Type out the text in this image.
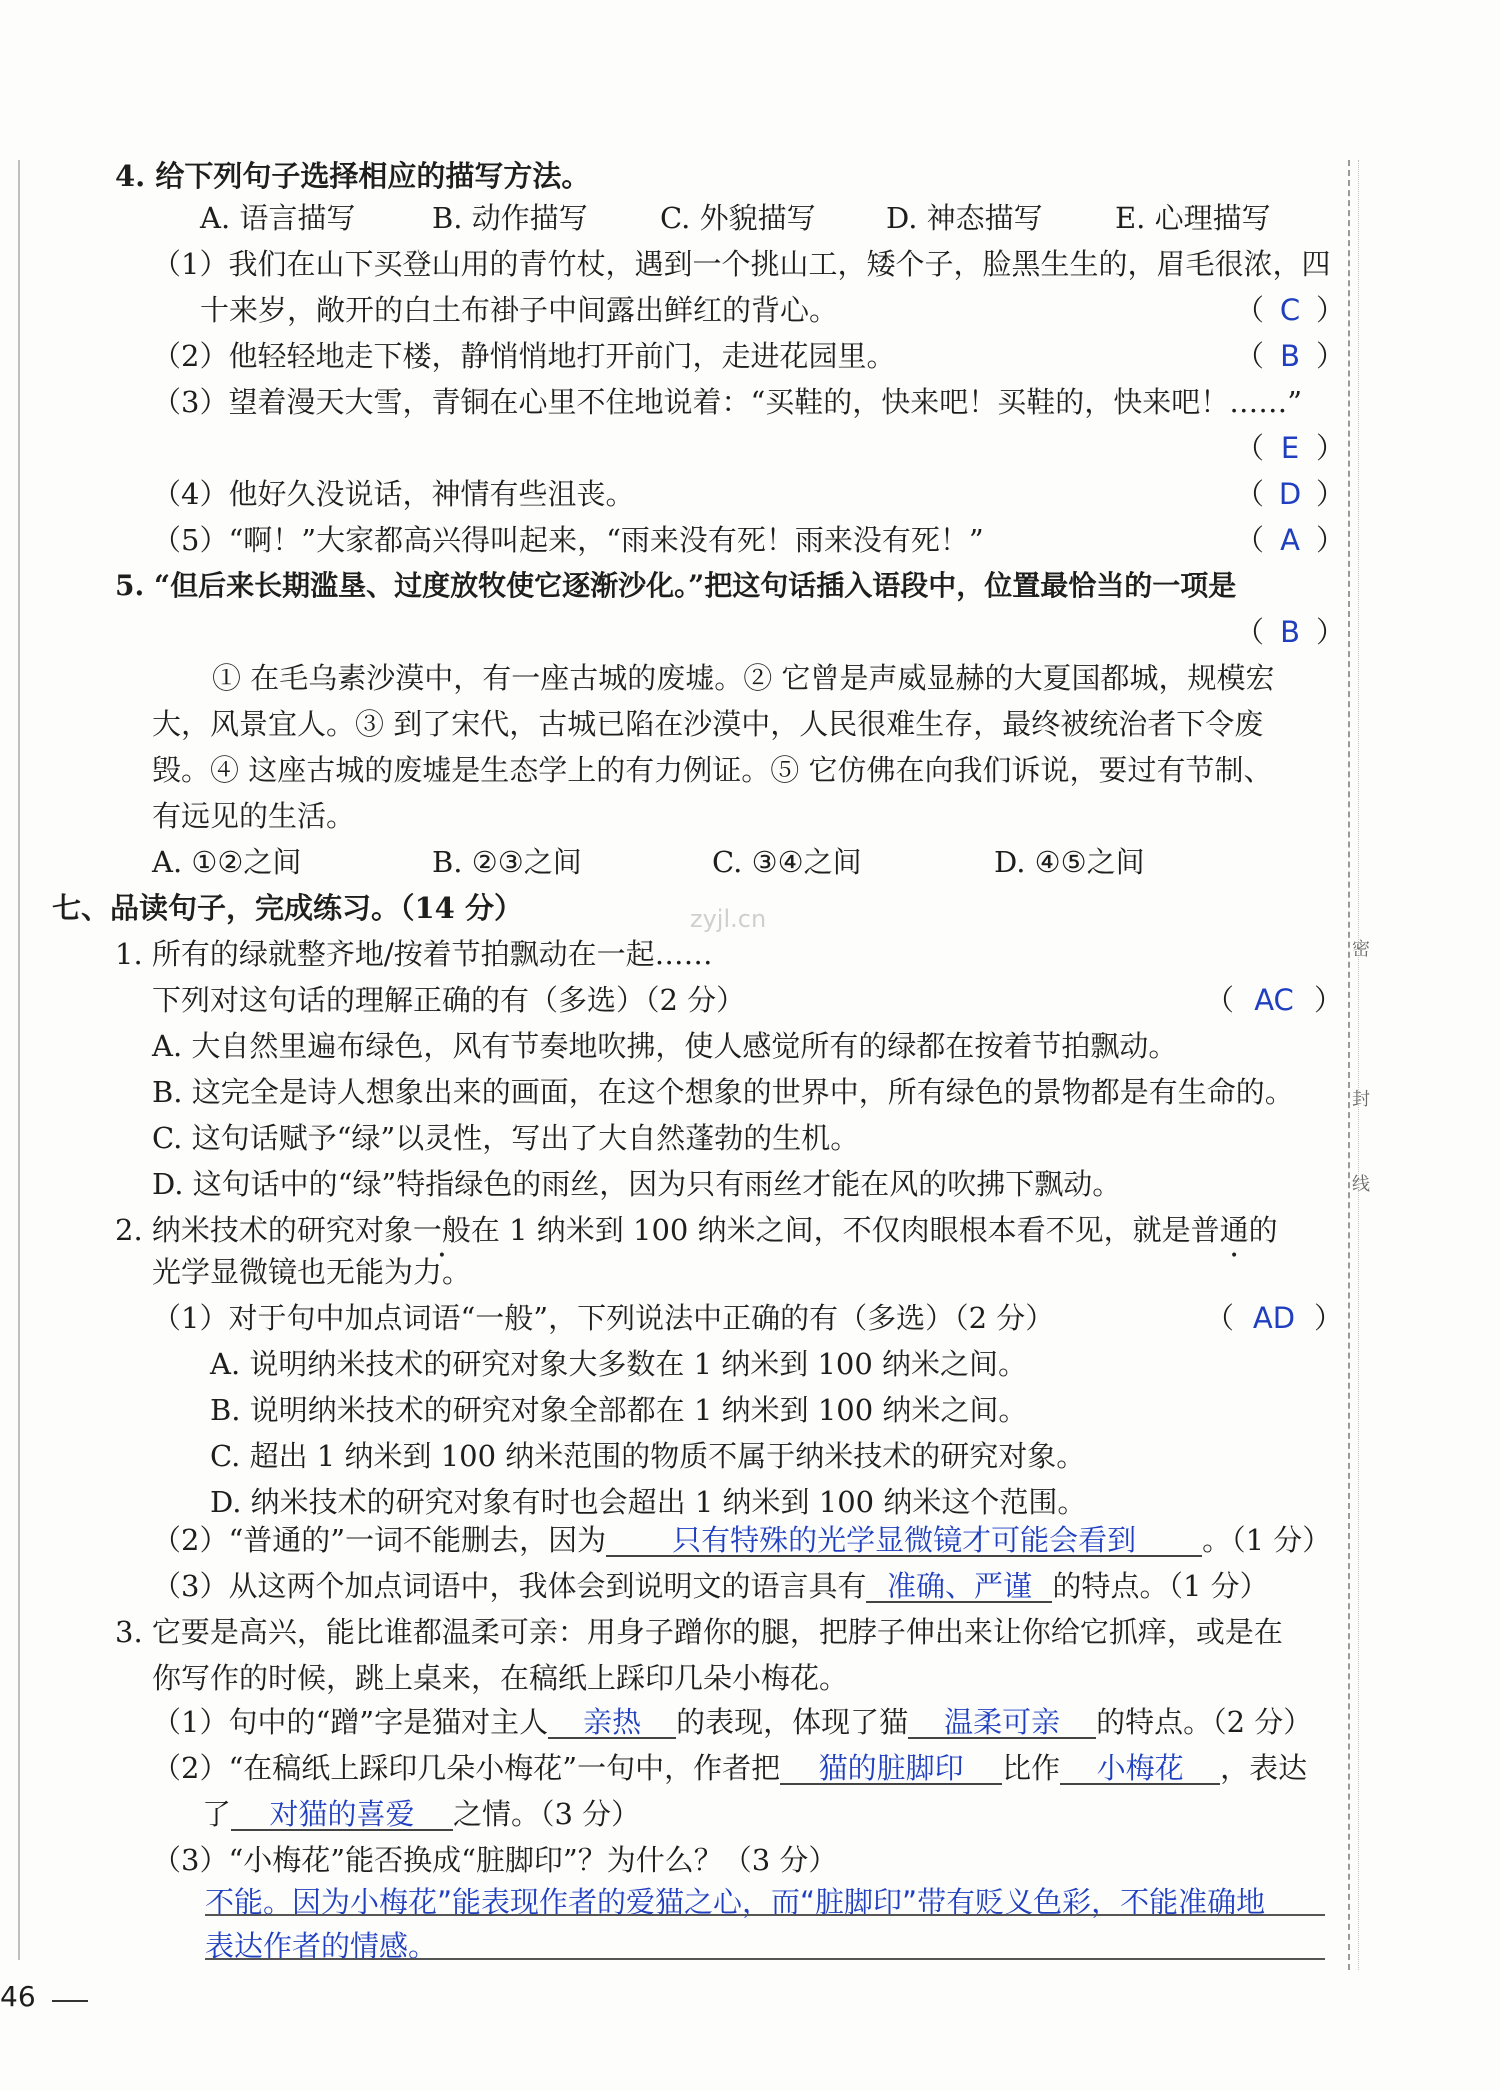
密
封
线
4. 给下列句子选择相应的描写方法。
A. 语言描写	B. 动作描写 C. 外貌描写 D. 神态描写 E. 心理描写
（1）我们在山下买登山用的青竹杖，遇到一个挑山工，矮个子，脸黑生生的，眉毛很浓，四
十来岁，敞开的白土布褂子中间露出鲜红的背心。	（ C ）
（2）他轻轻地走下楼，静悄悄地打开前门，走进花园里。	（ B ）
（3）望着漫天大雪，青铜在心里不住地说着：“买鞋的，快来吧！买鞋的，快来吧！……”
（ E ）
（4）他好久没说话，神情有些沮丧。	（ D ）
（5）“啊！”大家都高兴得叫起来，“雨来没有死！雨来没有死！”	（ A ）
5. “但后来长期滥垦、过度放牧使它逐渐沙化。”把这句话插入语段中，位置最恰当的一项是
（ B ）
① 在毛乌素沙漠中，有一座古城的废墟。② 它曾是声威显赫的大夏国都城，规模宏
大，风景宜人。③ 到了宋代，古城已陷在沙漠中，人民很难生存，最终被统治者下令废
毁。④ 这座古城的废墟是生态学上的有力例证。⑤ 它仿佛在向我们诉说，要过有节制、
有远见的生活。
A. ①②之间	B. ②③之间	C. ③④之间	D. ④⑤之间
七、品读句子，完成练习。（14 分）	zyjl.cn
1. 所有的绿就整齐地/按着节拍飘动在一起……
下列对这句话的理解正确的有（多选）（2 分）	（ AC ）
A. 大自然里遍布绿色，风有节奏地吹拂，使人感觉所有的绿都在按着节拍飘动。
B. 这完全是诗人想象出来的画面，在这个想象的世界中，所有绿色的景物都是有生命的。
C. 这句话赋予“绿”以灵性，写出了大自然蓬勃的生机。
D. 这句话中的“绿”特指绿色的雨丝，因为只有雨丝才能在风的吹拂下飘动。
2. 纳米技术的研究对象一般在 1 纳米到 100 纳米之间，不仅肉眼根本看不见，就是普通的
光学显微镜也无能为力。
（1）对于句中加点词语“一般”，下列说法中正确的有（多选）（2 分）	（ AD ）
A. 说明纳米技术的研究对象大多数在 1 纳米到 100 纳米之间。
B. 说明纳米技术的研究对象全部都在 1 纳米到 100 纳米之间。
C. 超出 1 纳米到 100 纳米范围的物质不属于纳米技术的研究对象。
D. 纳米技术的研究对象有时也会超出 1 纳米到 100 纳米这个范围。
（2）“普通的”一词不能删去，因为 只有特殊的光学显微镜才可能会看到 。（1 分）
（3）从这两个加点词语中，我体会到说明文的语言具有 准确、严谨 的特点。（1 分）
3. 它要是高兴，能比谁都温柔可亲：用身子蹭你的腿，把脖子伸出来让你给它抓痒，或是在
你写作的时候，跳上桌来，在稿纸上踩印几朵小梅花。
（1）句中的“蹭”字是猫对主人 亲热 的表现，体现了猫 温柔可亲 的特点。（2 分）
（2）“在稿纸上踩印几朵小梅花”一句中，作者把 猫的脏脚印 比作 小梅花 ，表达
了 对猫的喜爱 之情。（3 分）
（3）“小梅花”能否换成“脏脚印”？为什么？（3 分）
不能。因为小梅花”能表现作者的爱猫之心，而“脏脚印”带有贬义色彩，不能准确地
表达作者的情感。
46
